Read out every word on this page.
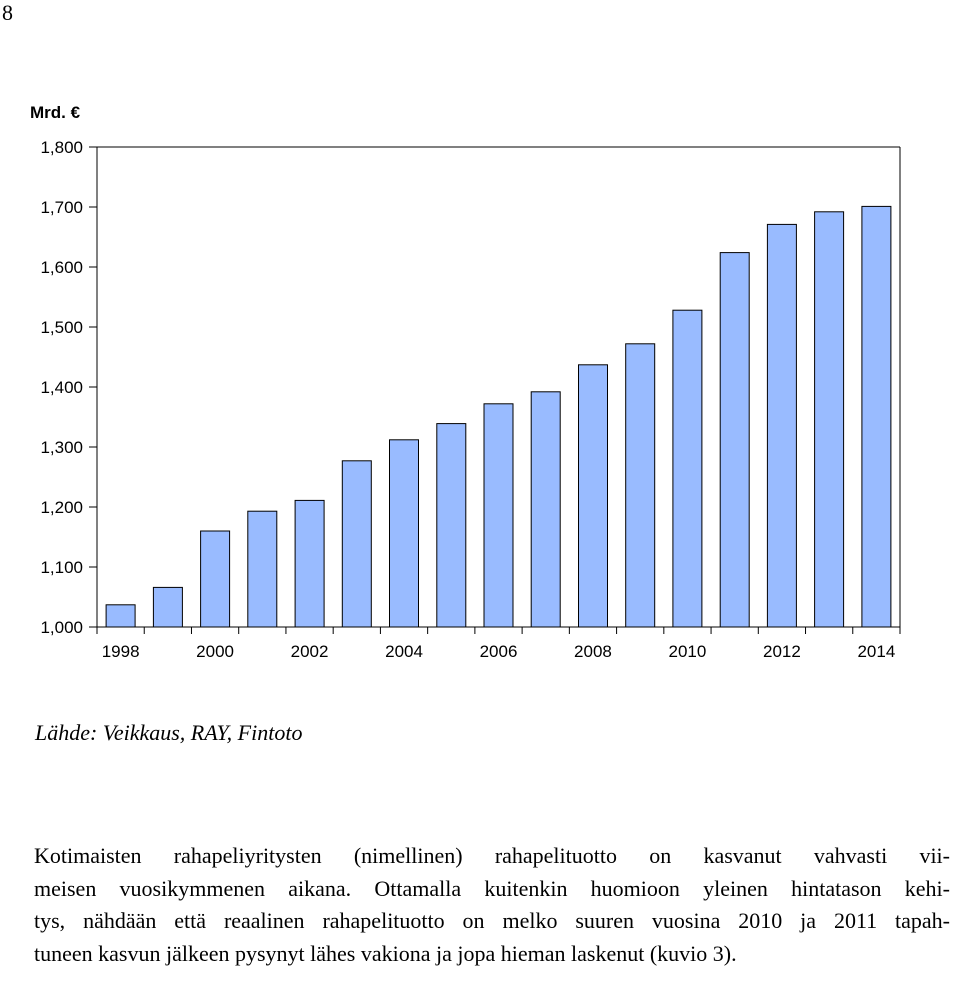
8
Mrd. €
1,000
1,100
1,200
1,300
1,400
1,500
1,600
1,700
1,800
1998	2000	2002	2004	2006	2008	2010	2012	2014
Lähde: Veikkaus, RAY, Fintoto
Kotimaisten rahapeliyritysten (nimellinen) rahapelituotto on kasvanut vahvasti vii-
meisen vuosikymmenen aikana. Ottamalla kuitenkin huomioon yleinen hintatason kehi-
tys, nähdään että reaalinen rahapelituotto on melko suuren vuosina 2010 ja 2011 tapah-
tuneen kasvun jälkeen pysynyt lähes vakiona ja jopa hieman laskenut (kuvio 3).
